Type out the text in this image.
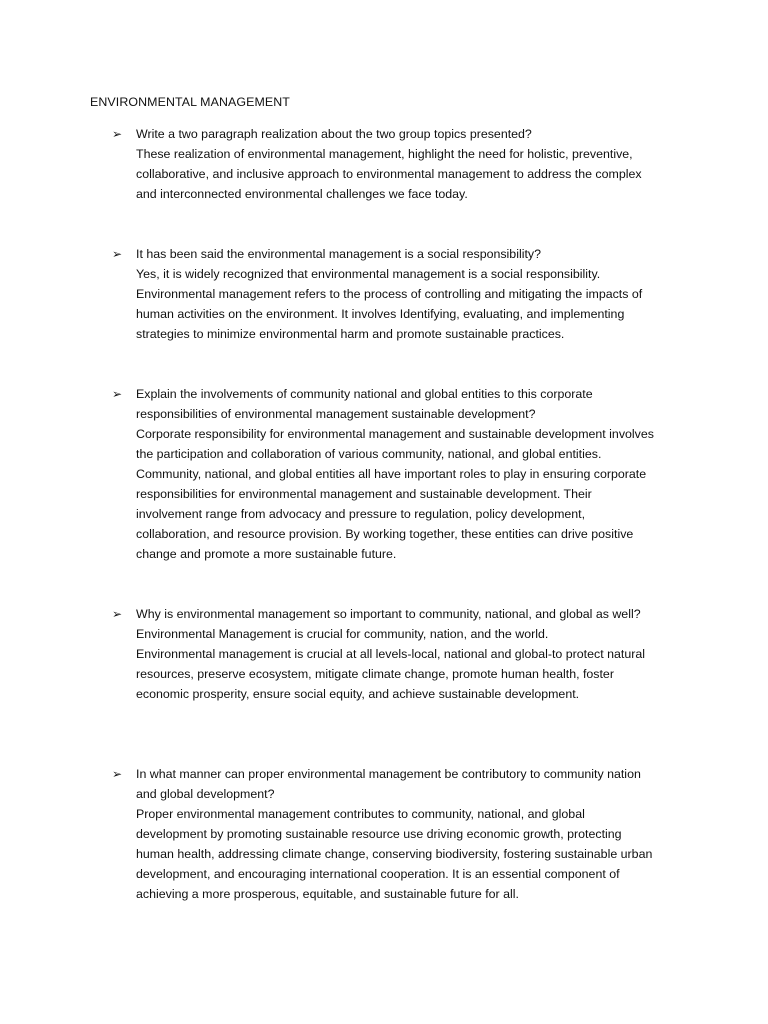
ENVIRONMENTAL MANAGEMENT
➢ Write a two paragraph realization about the two group topics presented?
These realization of environmental management, highlight the need for holistic, preventive,
collaborative, and inclusive approach to environmental management to address the complex
and interconnected environmental challenges we face today.
➢ It has been said the environmental management is a social responsibility?
Yes, it is widely recognized that environmental management is a social responsibility.
Environmental management refers to the process of controlling and mitigating the impacts of
human activities on the environment. It involves Identifying, evaluating, and implementing
strategies to minimize environmental harm and promote sustainable practices.
➢ Explain the involvements of community national and global entities to this corporate
responsibilities of environmental management sustainable development?
Corporate responsibility for environmental management and sustainable development involves
the participation and collaboration of various community, national, and global entities.
Community, national, and global entities all have important roles to play in ensuring corporate
responsibilities for environmental management and sustainable development. Their
involvement range from advocacy and pressure to regulation, policy development,
collaboration, and resource provision. By working together, these entities can drive positive
change and promote a more sustainable future.
➢ Why is environmental management so important to community, national, and global as well?
Environmental Management is crucial for community, nation, and the world.
Environmental management is crucial at all levels-local, national and global-to protect natural
resources, preserve ecosystem, mitigate climate change, promote human health, foster
economic prosperity, ensure social equity, and achieve sustainable development.
➢ In what manner can proper environmental management be contributory to community nation
and global development?
Proper environmental management contributes to community, national, and global
development by promoting sustainable resource use driving economic growth, protecting
human health, addressing climate change, conserving biodiversity, fostering sustainable urban
development, and encouraging international cooperation. It is an essential component of
achieving a more prosperous, equitable, and sustainable future for all.
